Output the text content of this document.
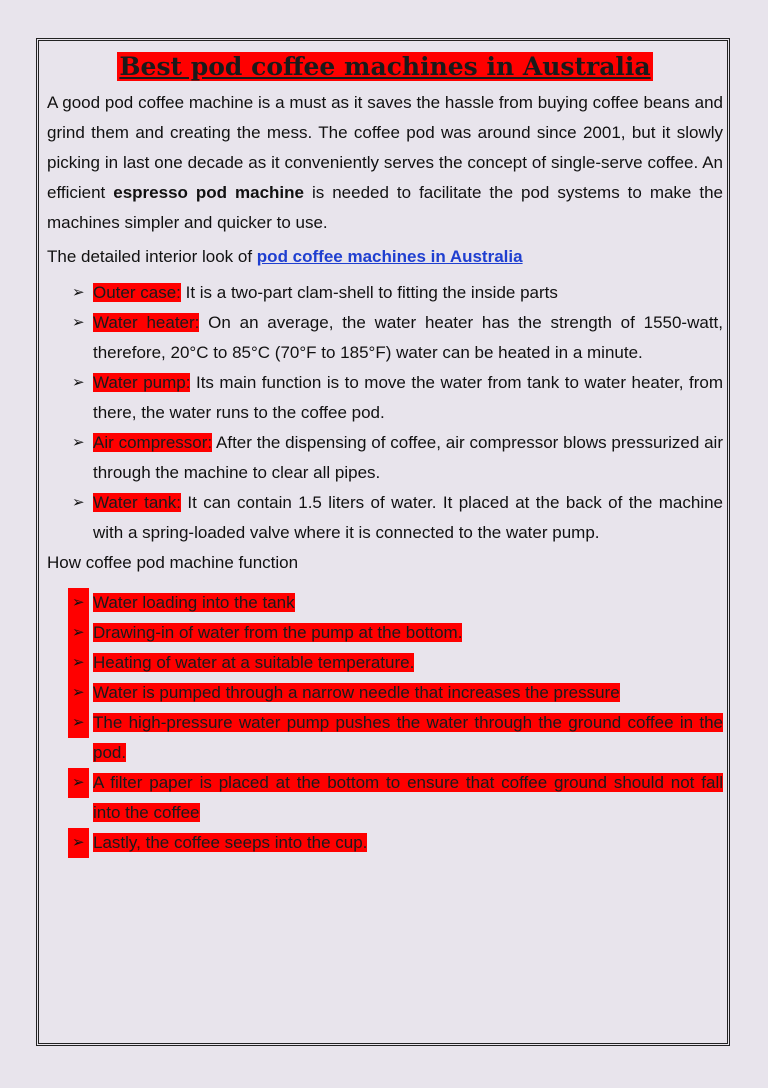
Best pod coffee machines in Australia

A good pod coffee machine is a must as it saves the hassle from buying coffee beans and grind them and creating the mess. The coffee pod was around since 2001, but it slowly picking in last one decade as it conveniently serves the concept of single-serve coffee. An efficient espresso pod machine is needed to facilitate the pod systems to make the machines simpler and quicker to use.

The detailed interior look of pod coffee machines in Australia

➢ Outer case: It is a two-part clam-shell to fitting the inside parts
➢ Water heater: On an average, the water heater has the strength of 1550-watt, therefore, 20°C to 85°C (70°F to 185°F) water can be heated in a minute.
➢ Water pump: Its main function is to move the water from tank to water heater, from there, the water runs to the coffee pod.
➢ Air compressor: After the dispensing of coffee, air compressor blows pressurized air through the machine to clear all pipes.
➢ Water tank: It can contain 1.5 liters of water. It placed at the back of the machine with a spring-loaded valve where it is connected to the water pump.

How coffee pod machine function

➢ Water loading into the tank
➢ Drawing-in of water from the pump at the bottom.
➢ Heating of water at a suitable temperature.
➢ Water is pumped through a narrow needle that increases the pressure
➢ The high-pressure water pump pushes the water through the ground coffee in the pod.
➢ A filter paper is placed at the bottom to ensure that coffee ground should not fall into the coffee
➢ Lastly, the coffee seeps into the cup.
